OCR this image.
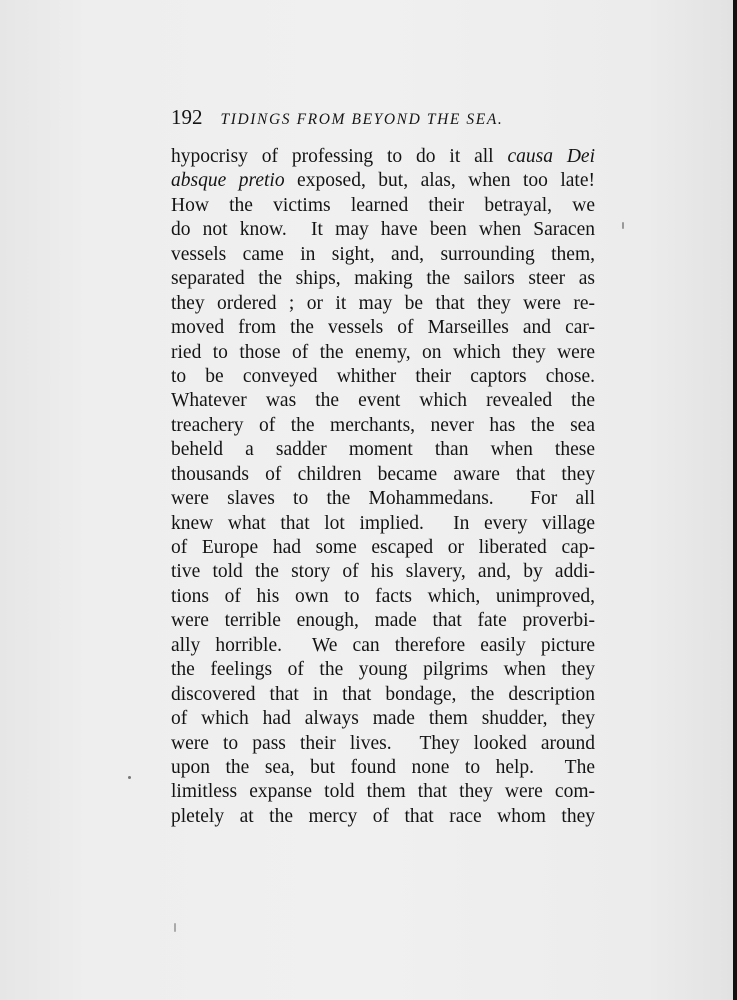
192 TIDINGS FROM BEYOND THE SEA.
hypocrisy of professing to do it all causa Dei
absque pretio exposed, but, alas, when too late!
How the victims learned their betrayal, we
do not know.  It may have been when Saracen
vessels came in sight, and, surrounding them,
separated the ships, making the sailors steer as
they ordered ; or it may be that they were re-
moved from the vessels of Marseilles and car-
ried to those of the enemy, on which they were
to be conveyed whither their captors chose.
Whatever was the event which revealed the
treachery of the merchants, never has the sea
beheld a sadder moment than when these
thousands of children became aware that they
were slaves to the Mohammedans.  For all
knew what that lot implied.  In every village
of Europe had some escaped or liberated cap-
tive told the story of his slavery, and, by addi-
tions of his own to facts which, unimproved,
were terrible enough, made that fate proverbi-
ally horrible.  We can therefore easily picture
the feelings of the young pilgrims when they
discovered that in that bondage, the description
of which had always made them shudder, they
were to pass their lives.  They looked around
upon the sea, but found none to help.  The
limitless expanse told them that they were com-
pletely at the mercy of that race whom they
